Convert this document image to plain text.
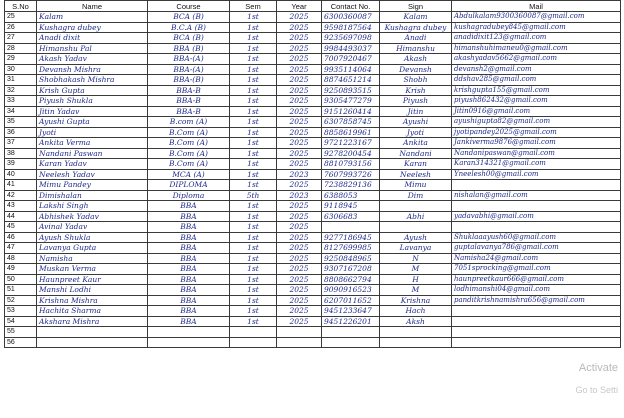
S.No	Name	Course	Sem	Year	Contact No.	Sign	Mail
25	Kalam	BCA (B)	1st	2025	6300360087	Kalam	Abdulkalam9300360087@gmail.com
26	Kushagra dubey	B.C.A (B)	1st	2025	9598187564	Kushagra dubey	kushagradubey845@gmail.com
27	Anadi dixit	BCA (B)	1st	2025	9235697098	Anadi	anadidixit123@gmail.com
28	Himanshu Pal	BBA (B)	1st	2025	9984493037	Himanshu	himanshuhimaneu0@gmail.com
29	Akash Yadav	BBA-(A)	1st	2025	7007920467	Akash	akashyadav5662@gmail.com
30	Devansh Mishra	BBA-(A)	1st	2025	9935114064	Devansh	devansh2@gmail.com
31	Shobhakash Mishra	BBA-(B)	1st	2025	8874651214	Shobh	ddshav285@gmail.com
32	Krish Gupta	BBA-B	1st	2025	9250893515	Krish	krishgupta155@gmail.com
33	Piyush Shukla	BBA-B	1st	2025	9305477279	Piyush	piyush862432@gmail.com
34	Jitin Yadav	BBA-B	1st	2025	9151260414	Jitin	Jitin0916@gmail.com
35	Ayushi Gupta	B.com (A)	1st	2025	6307858745	Ayushi	ayushigupta82@gmail.com
36	Jyoti	B.Com (A)	1st	2025	8858619961	Jyoti	jyotipandey2025@gmail.com
37	Ankita Verma	B.Com (A)	1st	2025	9721223167	Ankita	Jankiverma9876@gmail.com
38	Nandani Paswan	B.Com (A)	1st	2025	9278200454	Nandani	Nandanipaswan@gmail.com
39	Karan Yadav	B.Com (A)	1st	2025	8810793156	Karan	Karan314321@gmail.com
40	Neelesh Yadav	MCA (A)	1st	2023	7607993726	Neelesh	Yneelesh00@gmail.com
41	Mimu Pandey	DIPLOMA	1st	2025	7238829136	Mimu	
42	Dimishalan	Diploma	5th	2023	6388053	Dim	nishalan@gmail.com
43	Lakshi Singh	BBA	1st	2025	9118945		
44	Abhishek Yadav	BBA	1st	2025	6306683	Abhi	yadavabhi@gmail.com
45	Avinal Yadav	BBA	1st	2025			
46	Ayush Shukla	BBA	1st	2025	9277186945	Ayush	Shuklaaayush60@gmail.com
47	Lavanya Gupta	BBA	1st	2025	8127699985	Lavanya	guptalavanya786@gmail.com
48	Namisha	BBA	1st	2025	9250848965	N	Namisha24@gmail.com
49	Muskan Verma	BBA	1st	2025	9307167208	M	7051sprocking@gmail.com
50	Haunpreet Kaur	BBA	1st	2025	8808662794	H	haunpreetkaur666@gmail.com
51	Manshi Lodhi	BBA	1st	2025	9090916523	M	lodhimanshi04@gmail.com
52	Krishna Mishra	BBA	1st	2025	6207011652	Krishna	panditkrishnamishra656@gmail.com
53	Hachita Sharma	BBA	1st	2025	9451233647	Hach	
54	Akshara Mishra	BBA	1st	2025	9451226201	Aksh	
55							
56							
Activate
Go to Setti
